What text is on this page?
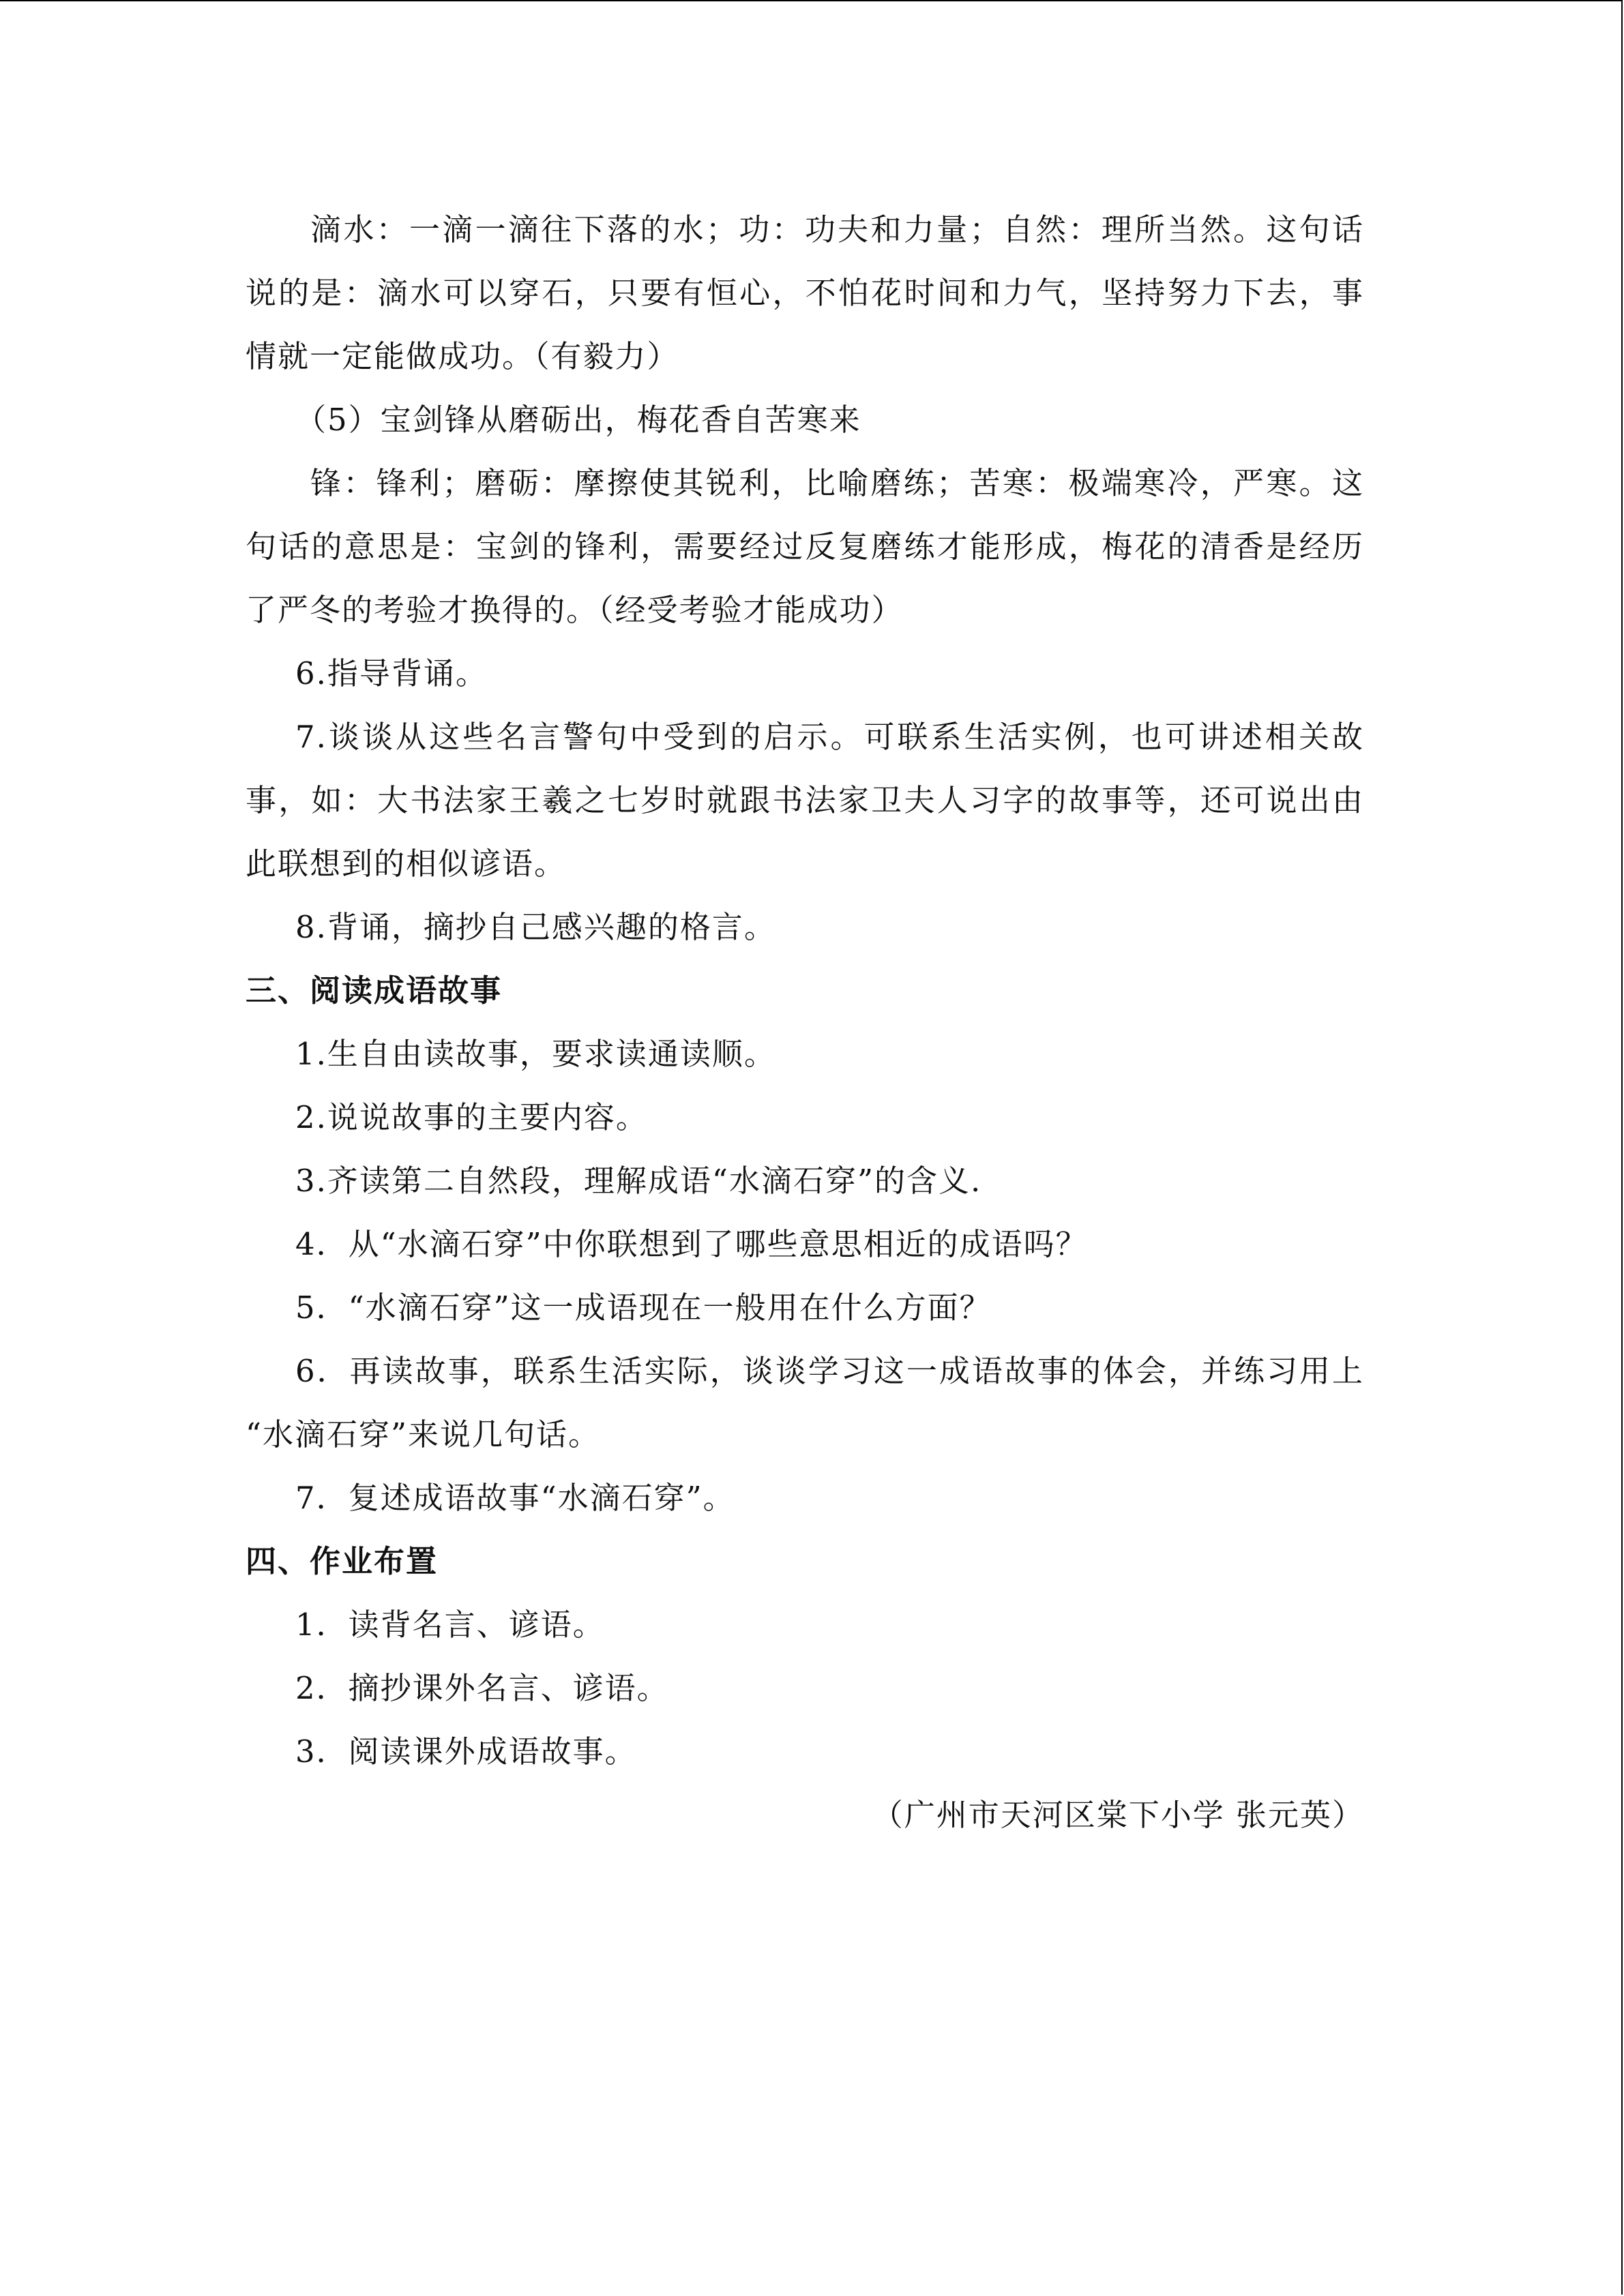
滴水：一滴一滴往下落的水；功：功夫和力量；自然：理所当然。这句话
说的是：滴水可以穿石，只要有恒心，不怕花时间和力气，坚持努力下去，事
情就一定能做成功。（有毅力）
（5）宝剑锋从磨砺出，梅花香自苦寒来
锋：锋利；磨砺：摩擦使其锐利，比喻磨练；苦寒：极端寒冷，严寒。这
句话的意思是：宝剑的锋利，需要经过反复磨练才能形成，梅花的清香是经历
了严冬的考验才换得的。（经受考验才能成功）
6.指导背诵。
7.谈谈从这些名言警句中受到的启示。可联系生活实例，也可讲述相关故
事，如：大书法家王羲之七岁时就跟书法家卫夫人习字的故事等，还可说出由
此联想到的相似谚语。
8.背诵，摘抄自己感兴趣的格言。
三、阅读成语故事
1.生自由读故事，要求读通读顺。
2.说说故事的主要内容。
3.齐读第二自然段，理解成语“水滴石穿”的含义.
4．从“水滴石穿”中你联想到了哪些意思相近的成语吗？
5．“水滴石穿”这一成语现在一般用在什么方面？
6．再读故事，联系生活实际，谈谈学习这一成语故事的体会，并练习用上
“水滴石穿”来说几句话。
7．复述成语故事“水滴石穿”。
四、作业布置
1．读背名言、谚语。
2．摘抄课外名言、谚语。
3．阅读课外成语故事。
（广州市天河区棠下小学 张元英）
